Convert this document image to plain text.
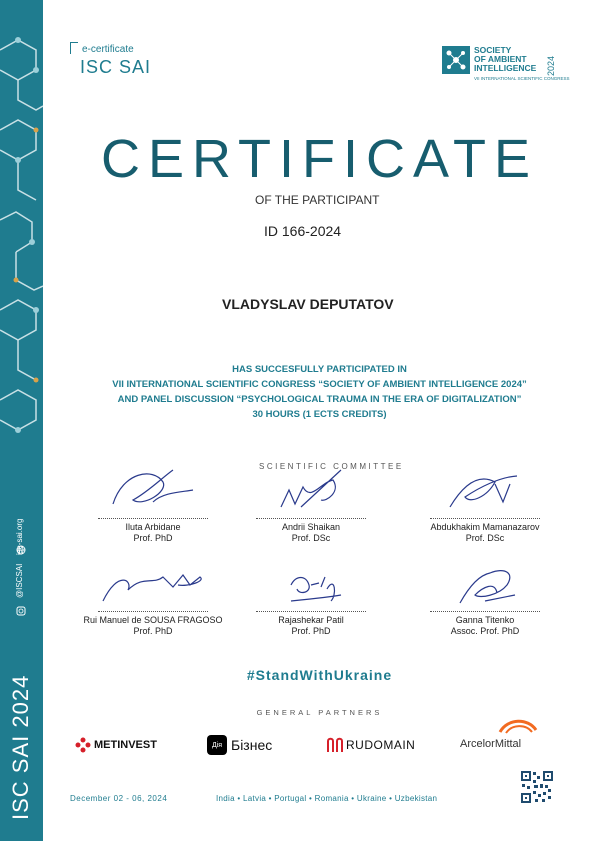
isc-sai.org
@ISCSAI
ISC SAI 2024
e-certificate
ISC SAI
SOCIETY
OF AMBIENT
INTELLIGENCE 2024
VII INTERNATIONAL SCIENTIFIC CONGRESS
CERTIFICATE
OF THE PARTICIPANT
ID 166-2024
VLADYSLAV DEPUTATOV
HAS SUCCESFULLY PARTICIPATED IN
VII INTERNATIONAL SCIENTIFIC CONGRESS “SOCIETY OF AMBIENT INTELLIGENCE 2024”
AND PANEL DISCUSSION “PSYCHOLOGICAL TRAUMA IN THE ERA OF DIGITALIZATION”
30 HOURS (1 ECTS CREDITS)
SCIENTIFIC COMMITTEE
Iluta Arbidane
Prof. PhD
Andrii Shaikan
Prof. DSc
Abdukhakim Mamanazarov
Prof. DSc
Rui Manuel de SOUSA FRAGOSO
Prof. PhD
Rajashekar Patil
Prof. PhD
Ganna Titenko
Assoc. Prof. PhD
#StandWithUkraine
GENERAL PARTNERS
METINVEST	Дія Бізнес	RUDOMAIN	ArcelorMittal
December 02 - 06, 2024	India • Latvia • Portugal • Romania • Ukraine • Uzbekistan
